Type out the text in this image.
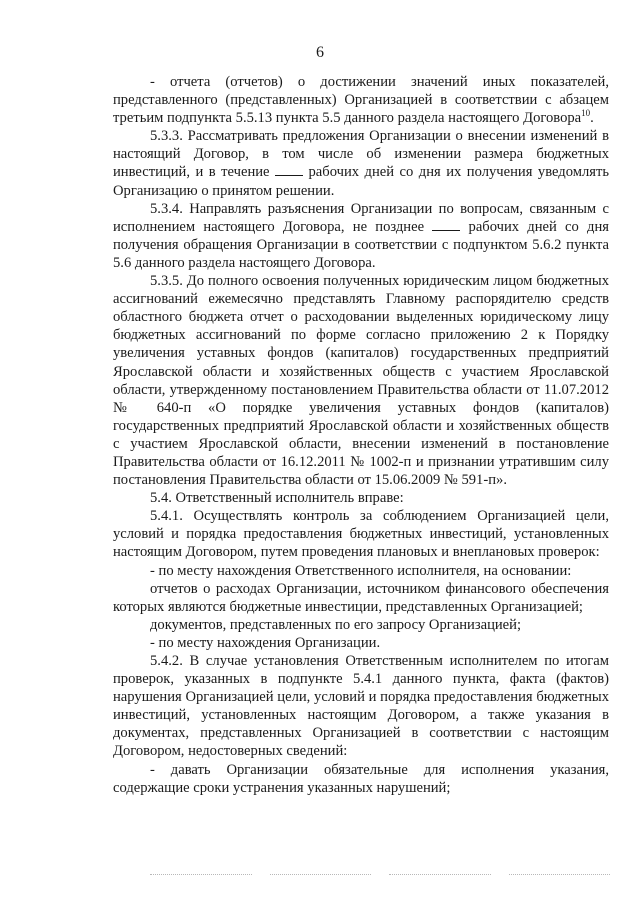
6

- отчета (отчетов) о достижении значений иных показателей, представленного (представленных) Организацией в соответствии с абзацем третьим подпункта 5.5.13 пункта 5.5 данного раздела настоящего Договора$^{10}$.

5.3.3. Рассматривать предложения Организации о внесении изменений в настоящий Договор, в том числе об изменении размера бюджетных инвестиций, и в течение  рабочих дней со дня их получения уведомлять Организацию о принятом решении.

5.3.4. Направлять разъяснения Организации по вопросам, связанным с исполнением настоящего Договора, не позднее  рабочих дней со дня получения обращения Организации в соответствии с подпунктом 5.6.2 пункта 5.6 данного раздела настоящего Договора.

5.3.5. До полного освоения полученных юридическим лицом бюджетных ассигнований ежемесячно представлять Главному распорядителю средств областного бюджета отчет о расходовании выделенных юридическому лицу бюджетных ассигнований по форме согласно приложению 2 к Порядку увеличения уставных фондов (капиталов) государственных предприятий Ярославской области и хозяйственных обществ с участием Ярославской области, утвержденному постановлением Правительства области от 11.07.2012 № 640-п «О порядке увеличения уставных фондов (капиталов) государственных предприятий Ярославской области и хозяйственных обществ с участием Ярославской области, внесении изменений в постановление Правительства области от 16.12.2011 № 1002-п и признании утратившим силу постановления Правительства области от 15.06.2009 № 591-п».

5.4. Ответственный исполнитель вправе:

5.4.1. Осуществлять контроль за соблюдением Организацией цели, условий и порядка предоставления бюджетных инвестиций, установленных настоящим Договором, путем проведения плановых и внеплановых проверок:

- по месту нахождения Ответственного исполнителя, на основании:

отчетов о расходах Организации, источником финансового обеспечения которых являются бюджетные инвестиции, представленных Организацией;

документов, представленных по его запросу Организацией;

- по месту нахождения Организации.

5.4.2. В случае установления Ответственным исполнителем по итогам проверок, указанных в подпункте 5.4.1 данного пункта, факта (фактов) нарушения Организацией цели, условий и порядка предоставления бюджетных инвестиций, установленных настоящим Договором, а также указания в документах, представленных Организацией в соответствии с настоящим Договором, недостоверных сведений:

- давать Организации обязательные для исполнения указания, содержащие сроки устранения указанных нарушений;
